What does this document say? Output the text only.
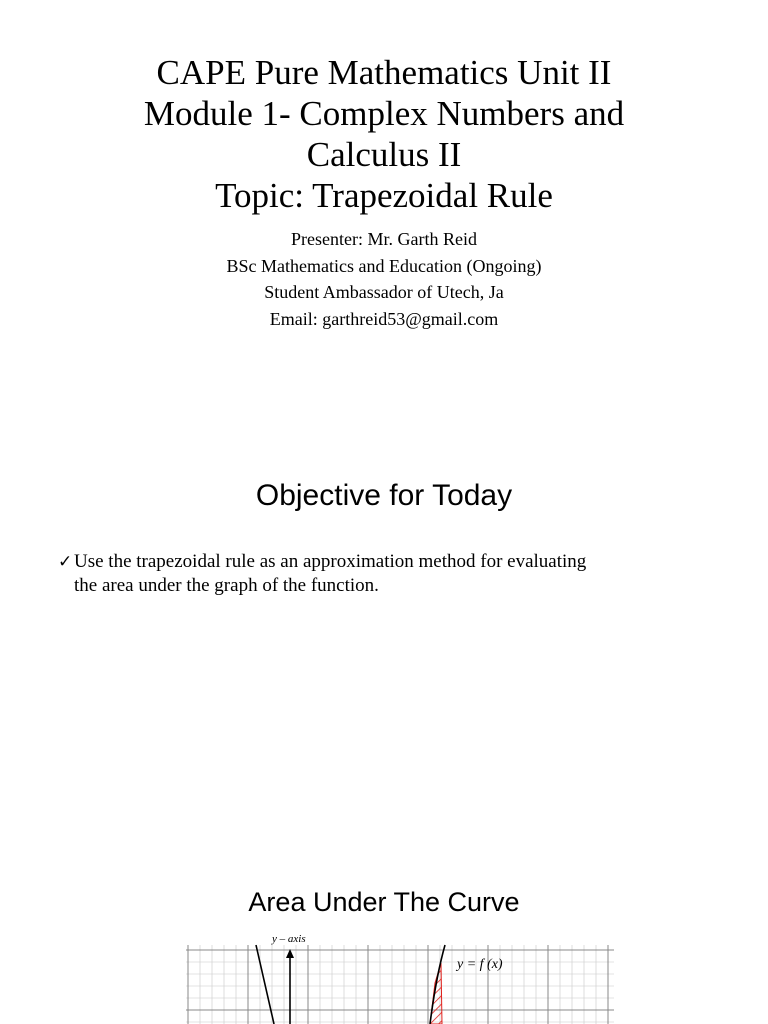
CAPE Pure Mathematics Unit II
Module 1- Complex Numbers and
Calculus II
Topic: Trapezoidal Rule
Presenter: Mr. Garth Reid
BSc Mathematics and Education (Ongoing)
Student Ambassador of Utech, Ja
Email: garthreid53@gmail.com
Objective for Today
✓ Use the trapezoidal rule as an approximation method for evaluating
the area under the graph of the function.
Area Under The Curve
y – axis
y = f (x)
